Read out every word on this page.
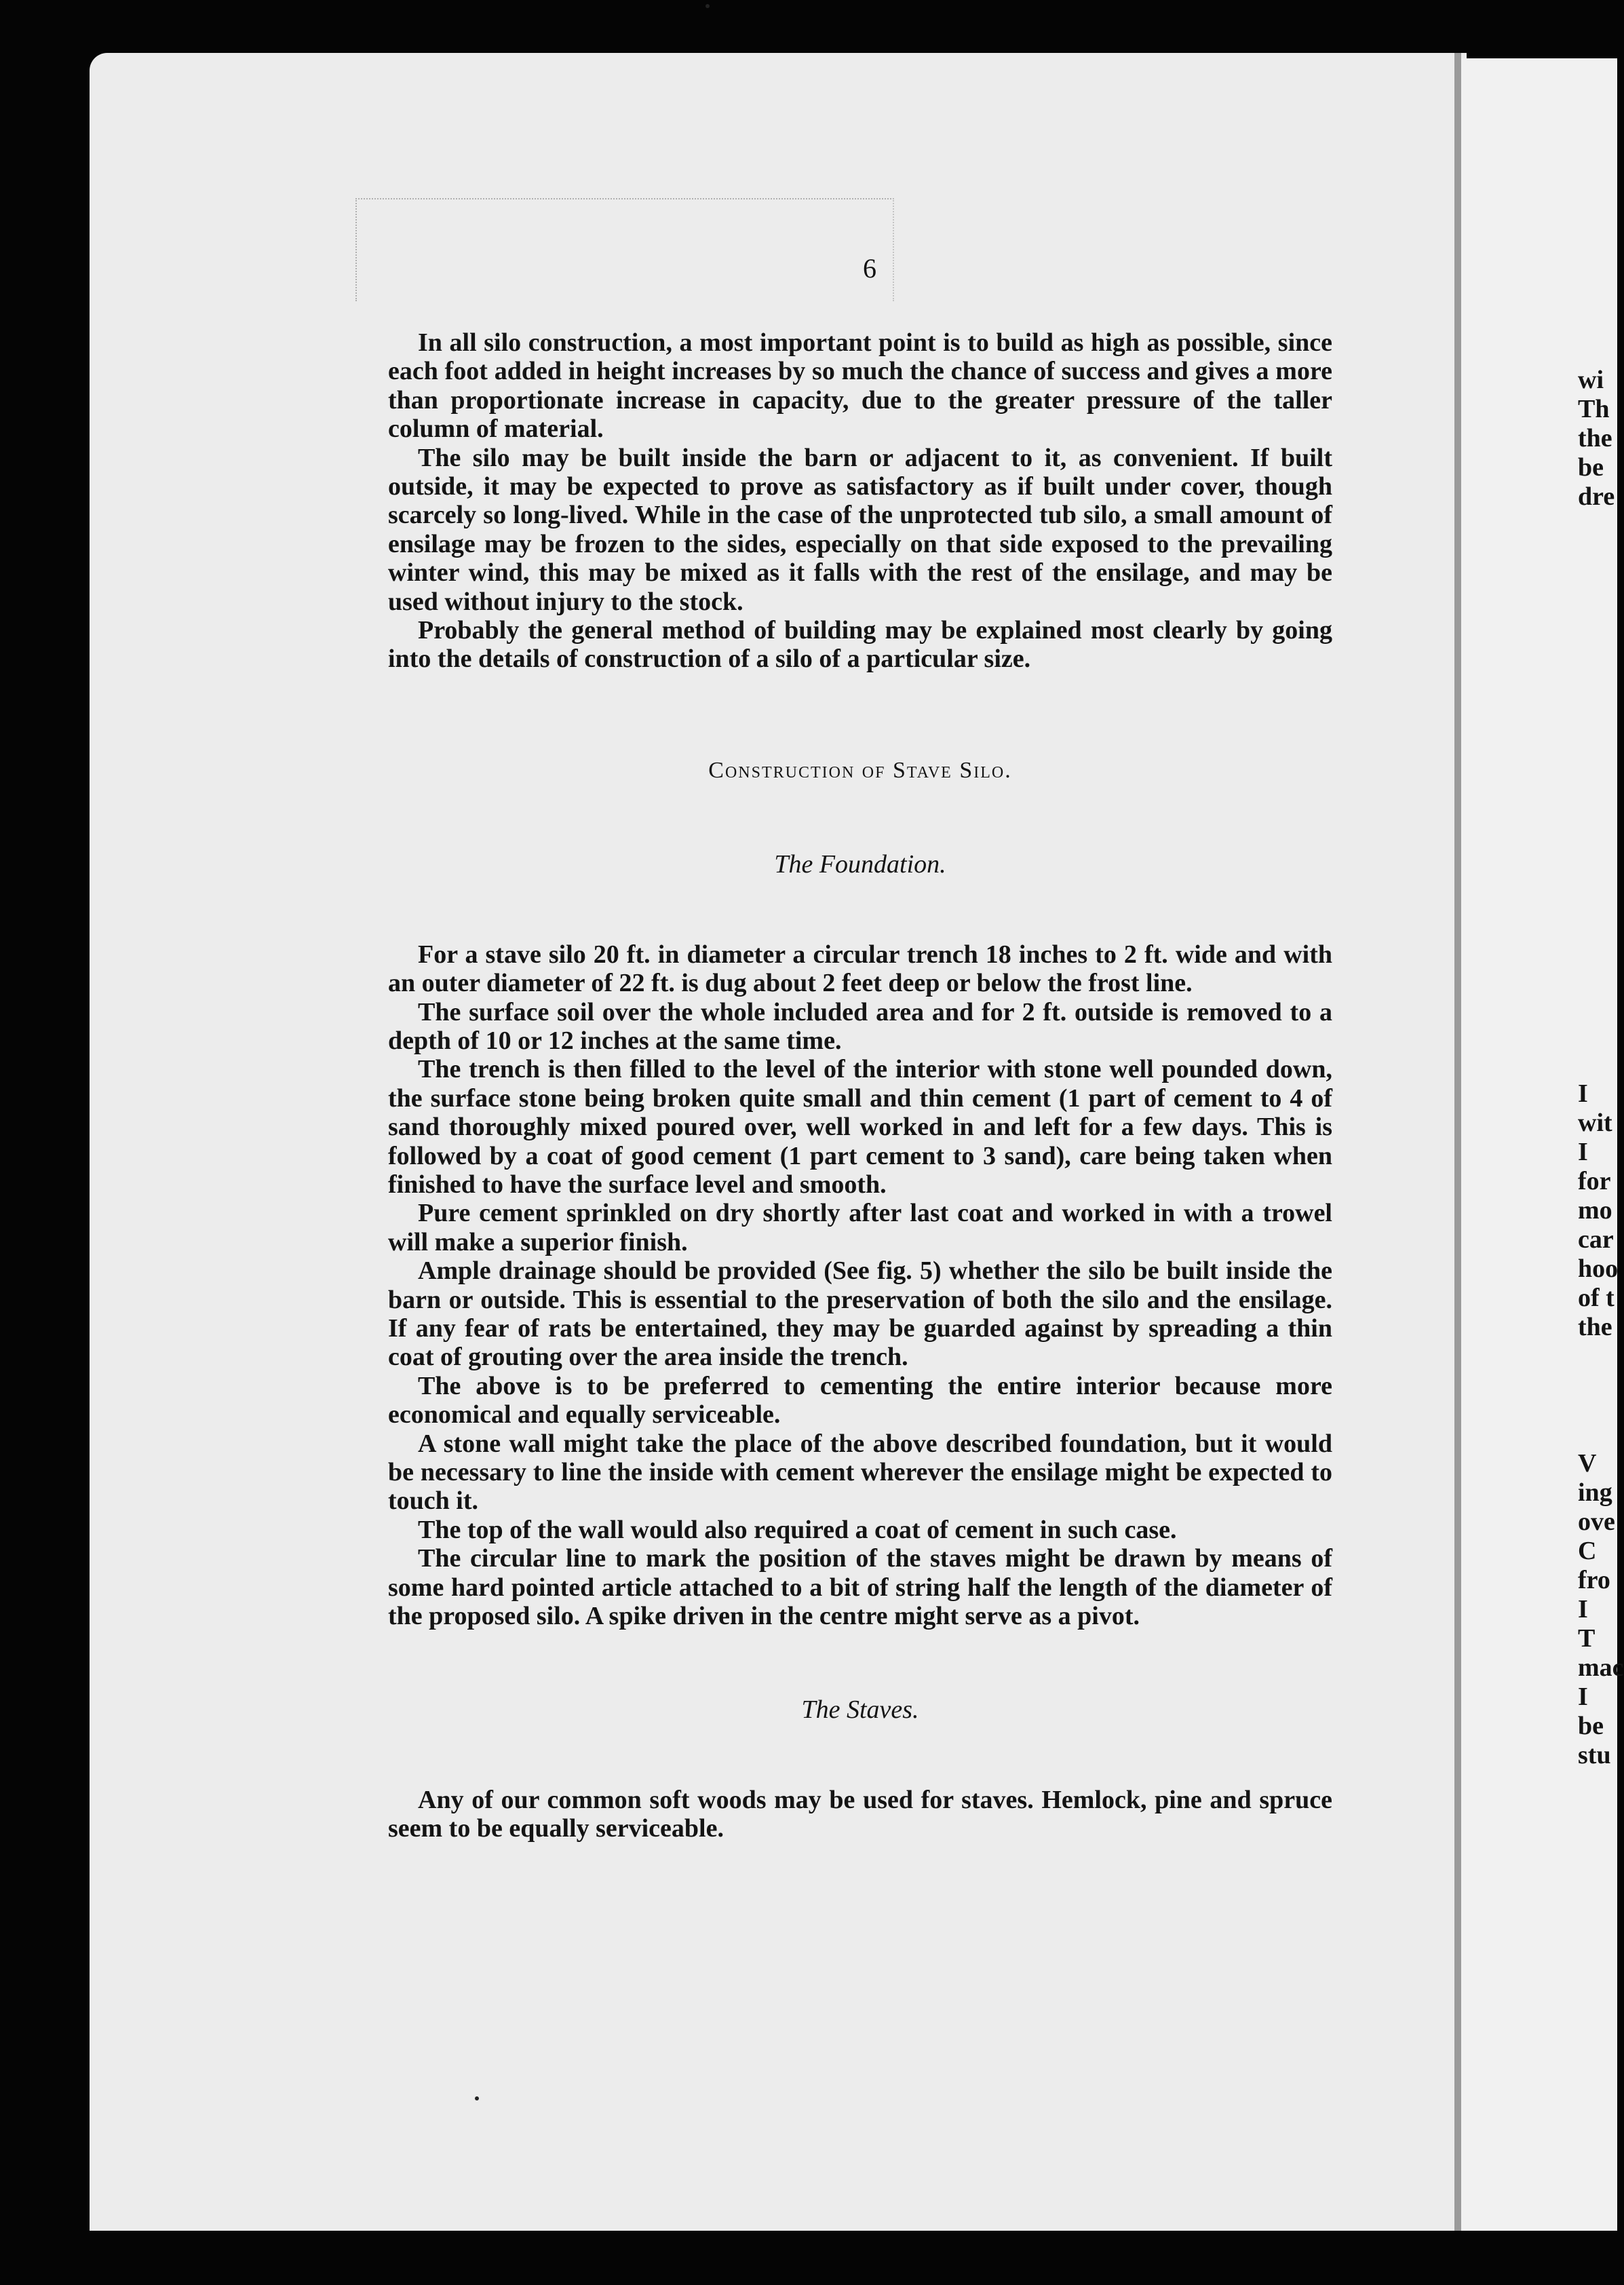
6

In all silo construction, a most important point is to build as high as possible, since each foot added in height increases by so much the chance of success and gives a more than proportionate increase in capacity, due to the greater pressure of the taller column of material.

The silo may be built inside the barn or adjacent to it, as convenient. If built outside, it may be expected to prove as satisfactory as if built under cover, though scarcely so long-lived. While in the case of the unprotected tub silo, a small amount of ensilage may be frozen to the sides, especially on that side exposed to the prevailing winter wind, this may be mixed as it falls with the rest of the ensilage, and may be used without injury to the stock.

Probably the general method of building may be explained most clearly by going into the details of construction of a silo of a particular size.

Construction of Stave Silo.
The Foundation.

For a stave silo 20 ft. in diameter a circular trench 18 inches to 2 ft. wide and with an outer diameter of 22 ft. is dug about 2 feet deep or below the frost line.

The surface soil over the whole included area and for 2 ft. outside is removed to a depth of 10 or 12 inches at the same time.

The trench is then filled to the level of the interior with stone well pounded down, the surface stone being broken quite small and thin cement (1 part of cement to 4 of sand thoroughly mixed poured over, well worked in and left for a few days. This is followed by a coat of good cement (1 part cement to 3 sand), care being taken when finished to have the surface level and smooth.

Pure cement sprinkled on dry shortly after last coat and worked in with a trowel will make a superior finish.

Ample drainage should be provided (See fig. 5) whether the silo be built inside the barn or outside. This is essential to the preservation of both the silo and the ensilage. If any fear of rats be entertained, they may be guarded against by spreading a thin coat of grouting over the area inside the trench.

The above is to be preferred to cementing the entire interior because more economical and equally serviceable.

A stone wall might take the place of the above described foundation, but it would be necessary to line the inside with cement wherever the ensilage might be expected to touch it.

The top of the wall would also required a coat of cement in such case.

The circular line to mark the position of the staves might be drawn by means of some hard pointed article attached to a bit of string half the length of the diameter of the proposed silo. A spike driven in the centre might serve as a pivot.

The Staves.

Any of our common soft woods may be used for staves. Hemlock, pine and spruce seem to be equally serviceable.

wi
Th
the
be
dre
I
wit
I
for
mo
car
hoo
of t
the
V
ing
ove
C
fro
I
T
mac
I
be
stu
